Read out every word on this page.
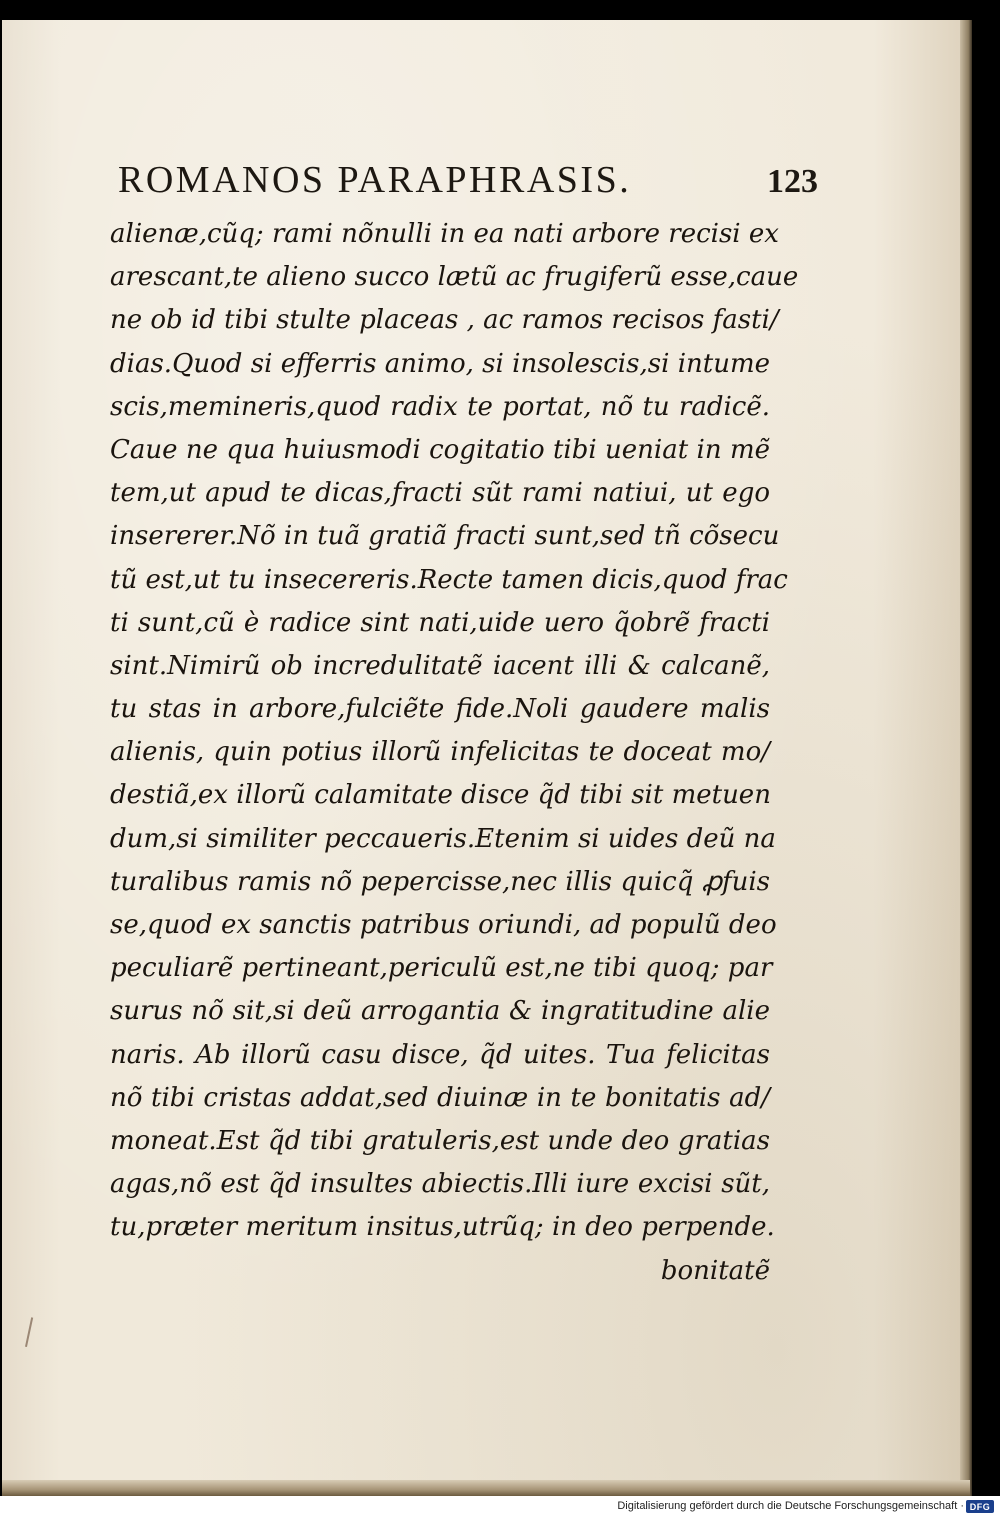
ROMANOS PARAPHRASIS.	123
alienæ,cũq; rami nõnulli in ea nati arbore recisi ex
arescant,te alieno succo lætũ ac frugiferũ esse,caue
ne ob id tibi stulte placeas , ac ramos recisos fasti/
dias.Quod si efferris animo, si insolescis,si intume
scis,memineris,quod radix te portat, nõ tu radicẽ.
Caue ne qua huiusmodi cogitatio tibi ueniat in mẽ
tem,ut apud te dicas,fracti sũt rami natiui, ut ego
insererer.Nõ in tuã gratiã fracti sunt,sed tñ cõsecu
tũ est,ut tu insecereris.Recte tamen dicis,quod frac
ti sunt,cũ è radice sint nati,uide uero q̃obrẽ fracti
sint.Nimirũ ob incredulitatẽ iacent illi & calcanẽ,
tu stas in arbore,fulciẽte fide.Noli gaudere malis
alienis, quin potius illorũ infelicitas te doceat mo/
destiã,ex illorũ calamitate disce q̃d tibi sit metuen
dum,si similiter peccaueris.Etenim si uides deũ na
turalibus ramis nõ pepercisse,nec illis quicq̃ ꝓfuis
se,quod ex sanctis patribus oriundi, ad populũ deo
peculiarẽ pertineant,periculũ est,ne tibi quoq; par
surus nõ sit,si deũ arrogantia & ingratitudine alie
naris. Ab illorũ casu disce, q̃d uites. Tua felicitas
nõ tibi cristas addat,sed diuinæ in te bonitatis ad/
moneat.Est q̃d tibi gratuleris,est unde deo gratias
agas,nõ est q̃d insultes abiectis.Illi iure excisi sũt,
tu,præter meritum insitus,utrũq; in deo perpende.
bonitatẽ
Digitalisierung gefördert durch die Deutsche Forschungsgemeinschaft · DFG
